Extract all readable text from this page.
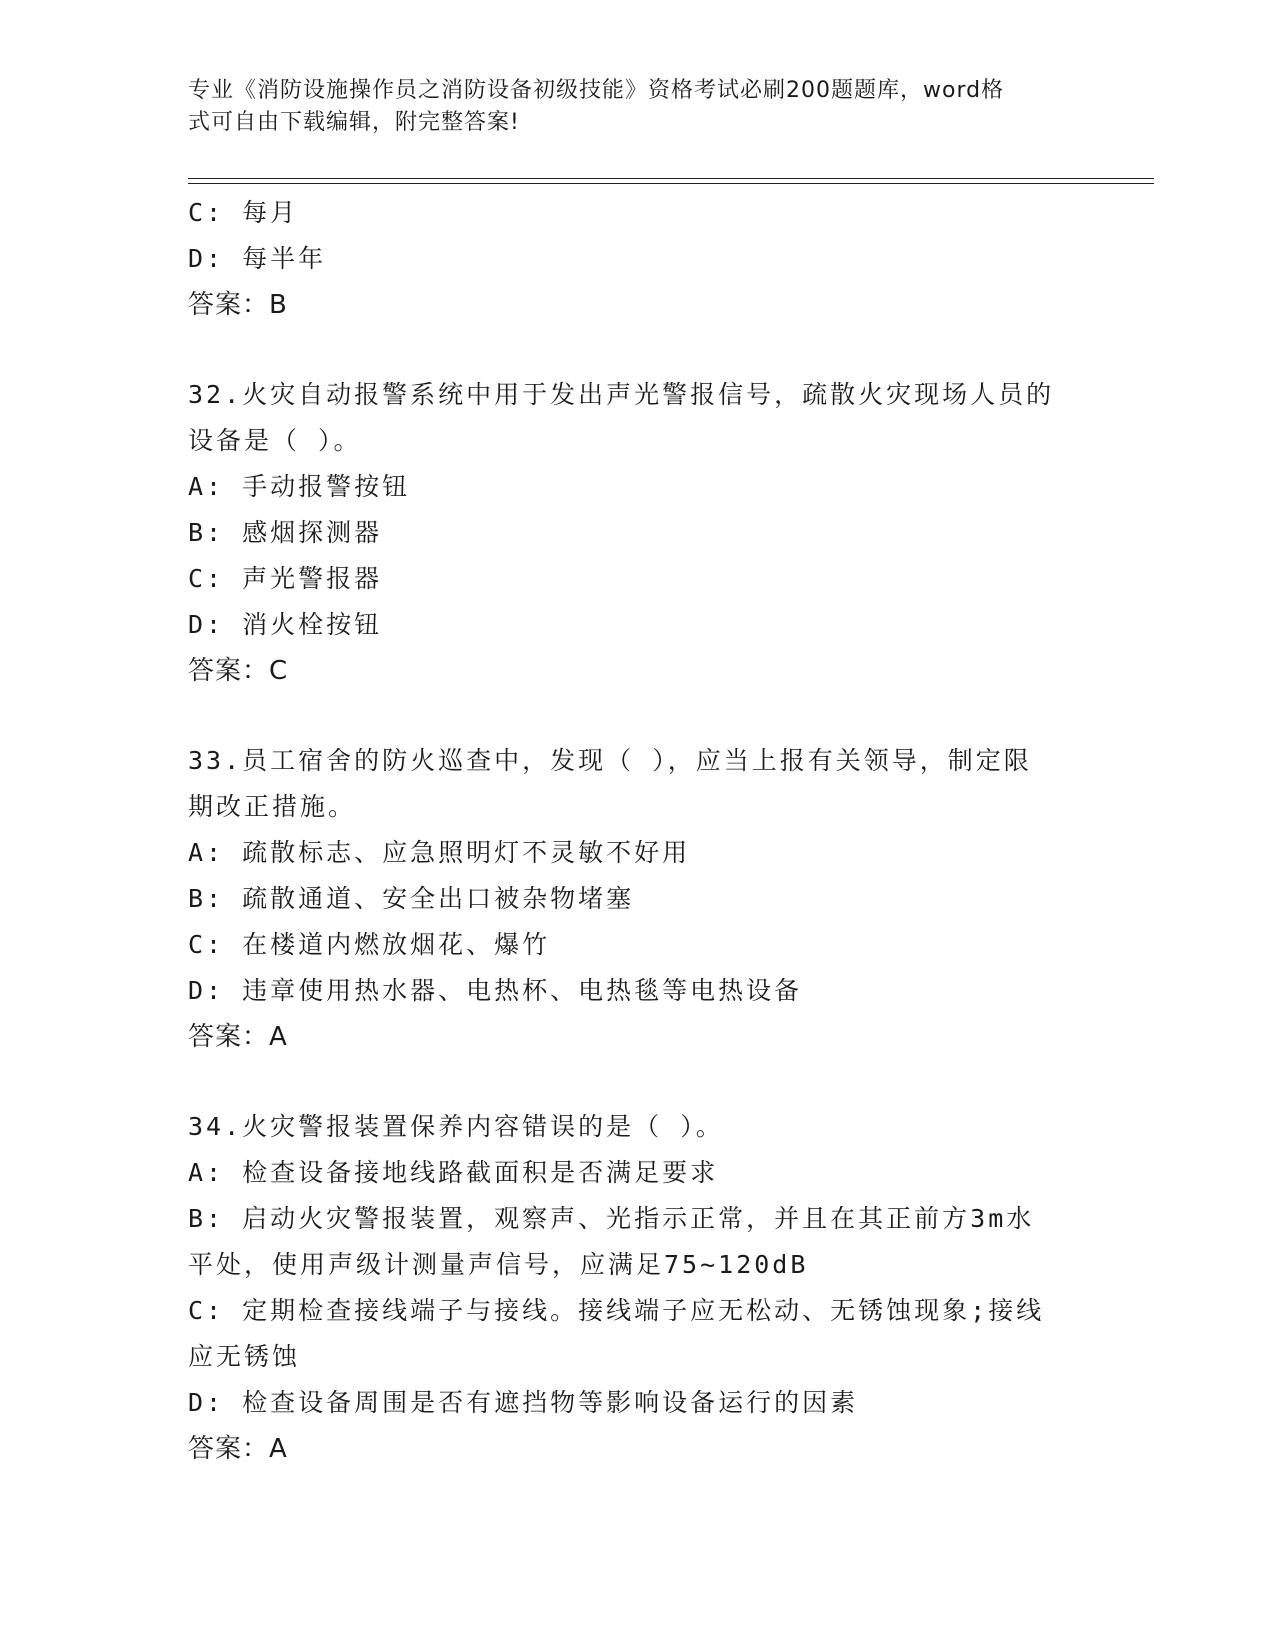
专业《消防设施操作员之消防设备初级技能》资格考试必刷200题题库，word格
式可自由下载编辑，附完整答案!
C: 每月
D: 每半年
答案：B
32.火灾自动报警系统中用于发出声光警报信号，疏散火灾现场人员的
设备是（ ）。
A: 手动报警按钮
B: 感烟探测器
C: 声光警报器
D: 消火栓按钮
答案：C
33.员工宿舍的防火巡查中，发现（ ），应当上报有关领导，制定限
期改正措施。
A: 疏散标志、应急照明灯不灵敏不好用
B: 疏散通道、安全出口被杂物堵塞
C: 在楼道内燃放烟花、爆竹
D: 违章使用热水器、电热杯、电热毯等电热设备
答案：A
34.火灾警报装置保养内容错误的是（ ）。
A: 检查设备接地线路截面积是否满足要求
B: 启动火灾警报装置，观察声、光指示正常，并且在其正前方3m水
平处，使用声级计测量声信号，应满足75~120dB
C: 定期检查接线端子与接线。接线端子应无松动、无锈蚀现象;接线
应无锈蚀
D: 检查设备周围是否有遮挡物等影响设备运行的因素
答案：A
